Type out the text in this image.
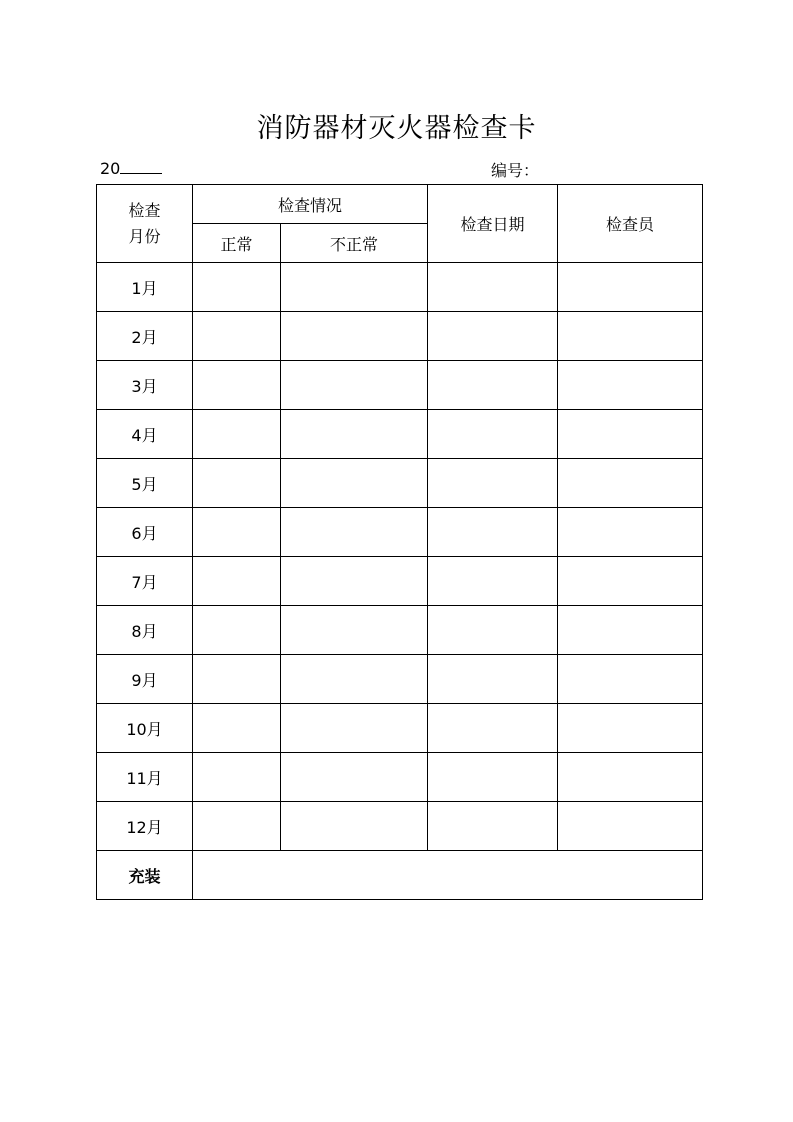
消防器材灭火器检查卡
20	编号：
检查
月份	检查情况		检查日期	检查员
	正常	不正常		
1月				
2月				
3月				
4月				
5月				
6月				
7月				
8月				
9月				
10月				
11月				
12月				
充装				
